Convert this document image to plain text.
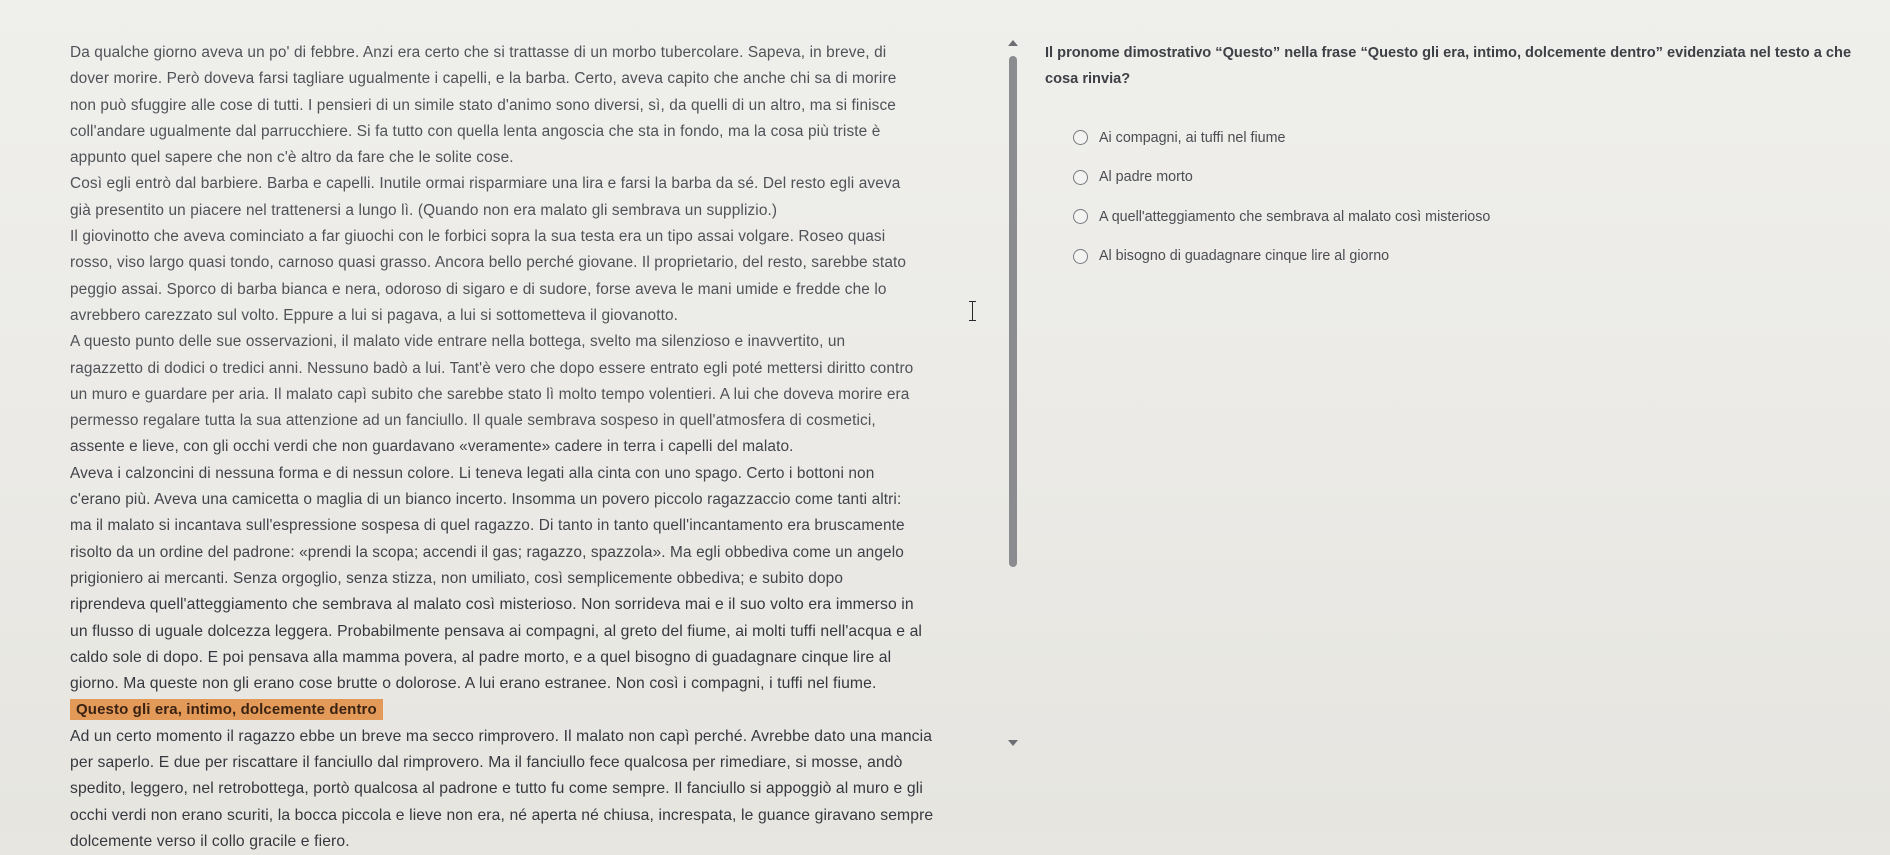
Da qualche giorno aveva un po' di febbre. Anzi era certo che si trattasse di un morbo tubercolare. Sapeva, in breve, di
dover morire. Però doveva farsi tagliare ugualmente i capelli, e la barba. Certo, aveva capito che anche chi sa di morire
non può sfuggire alle cose di tutti. I pensieri di un simile stato d'animo sono diversi, sì, da quelli di un altro, ma si finisce
coll'andare ugualmente dal parrucchiere. Si fa tutto con quella lenta angoscia che sta in fondo, ma la cosa più triste è
appunto quel sapere che non c'è altro da fare che le solite cose.
Così egli entrò dal barbiere. Barba e capelli. Inutile ormai risparmiare una lira e farsi la barba da sé. Del resto egli aveva
già presentito un piacere nel trattenersi a lungo lì. (Quando non era malato gli sembrava un supplizio.)
Il giovinotto che aveva cominciato a far giuochi con le forbici sopra la sua testa era un tipo assai volgare. Roseo quasi
rosso, viso largo quasi tondo, carnoso quasi grasso. Ancora bello perché giovane. Il proprietario, del resto, sarebbe stato
peggio assai. Sporco di barba bianca e nera, odoroso di sigaro e di sudore, forse aveva le mani umide e fredde che lo
avrebbero carezzato sul volto. Eppure a lui si pagava, a lui si sottometteva il giovanotto.
A questo punto delle sue osservazioni, il malato vide entrare nella bottega, svelto ma silenzioso e inavvertito, un
ragazzetto di dodici o tredici anni. Nessuno badò a lui. Tant'è vero che dopo essere entrato egli poté mettersi diritto contro
un muro e guardare per aria. Il malato capì subito che sarebbe stato lì molto tempo volentieri. A lui che doveva morire era
permesso regalare tutta la sua attenzione ad un fanciullo. Il quale sembrava sospeso in quell'atmosfera di cosmetici,
assente e lieve, con gli occhi verdi che non guardavano «veramente» cadere in terra i capelli del malato.
Aveva i calzoncini di nessuna forma e di nessun colore. Li teneva legati alla cinta con uno spago. Certo i bottoni non
c'erano più. Aveva una camicetta o maglia di un bianco incerto. Insomma un povero piccolo ragazzaccio come tanti altri:
ma il malato si incantava sull'espressione sospesa di quel ragazzo. Di tanto in tanto quell'incantamento era bruscamente
risolto da un ordine del padrone: «prendi la scopa; accendi il gas; ragazzo, spazzola». Ma egli obbediva come un angelo
prigioniero ai mercanti. Senza orgoglio, senza stizza, non umiliato, così semplicemente obbediva; e subito dopo
riprendeva quell'atteggiamento che sembrava al malato così misterioso. Non sorrideva mai e il suo volto era immerso in
un flusso di uguale dolcezza leggera. Probabilmente pensava ai compagni, al greto del fiume, ai molti tuffi nell'acqua e al
caldo sole di dopo. E poi pensava alla mamma povera, al padre morto, e a quel bisogno di guadagnare cinque lire al
giorno. Ma queste non gli erano cose brutte o dolorose. A lui erano estranee. Non così i compagni, i tuffi nel fiume.
Questo gli era, intimo, dolcemente dentro
Ad un certo momento il ragazzo ebbe un breve ma secco rimprovero. Il malato non capì perché. Avrebbe dato una mancia
per saperlo. E due per riscattare il fanciullo dal rimprovero. Ma il fanciullo fece qualcosa per rimediare, si mosse, andò
spedito, leggero, nel retrobottega, portò qualcosa al padrone e tutto fu come sempre. Il fanciullo si appoggiò al muro e gli
occhi verdi non erano scuriti, la bocca piccola e lieve non era, né aperta né chiusa, increspata, le guance giravano sempre
dolcemente verso il collo gracile e fiero.

Il pronome dimostrativo “Questo” nella frase “Questo gli era, intimo, dolcemente dentro” evidenziata nel testo a che cosa rinvia?

Ai compagni, ai tuffi nel fiume
Al padre morto
A quell'atteggiamento che sembrava al malato così misterioso
Al bisogno di guadagnare cinque lire al giorno
